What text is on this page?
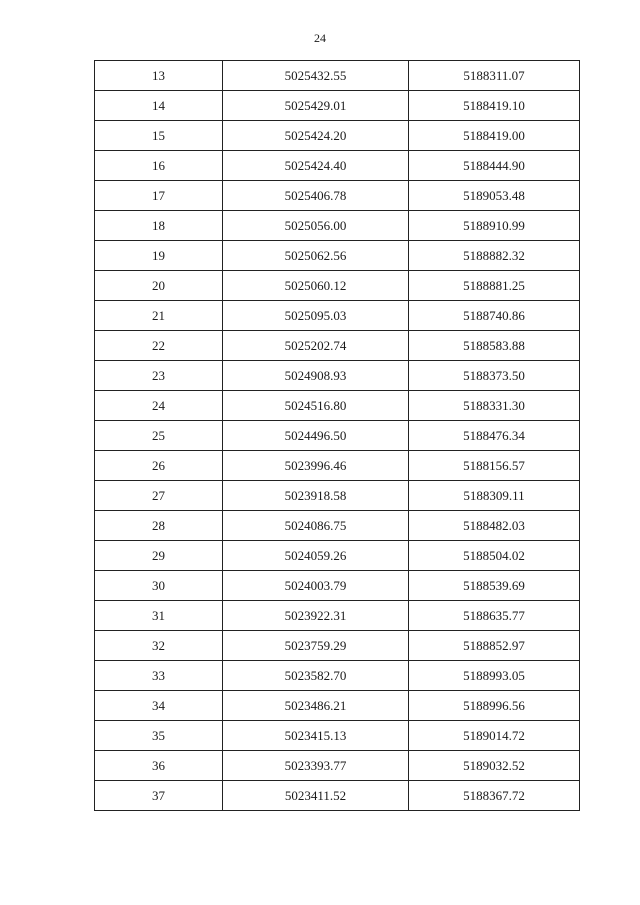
24
13	5025432.55	5188311.07
14	5025429.01	5188419.10
15	5025424.20	5188419.00
16	5025424.40	5188444.90
17	5025406.78	5189053.48
18	5025056.00	5188910.99
19	5025062.56	5188882.32
20	5025060.12	5188881.25
21	5025095.03	5188740.86
22	5025202.74	5188583.88
23	5024908.93	5188373.50
24	5024516.80	5188331.30
25	5024496.50	5188476.34
26	5023996.46	5188156.57
27	5023918.58	5188309.11
28	5024086.75	5188482.03
29	5024059.26	5188504.02
30	5024003.79	5188539.69
31	5023922.31	5188635.77
32	5023759.29	5188852.97
33	5023582.70	5188993.05
34	5023486.21	5188996.56
35	5023415.13	5189014.72
36	5023393.77	5189032.52
37	5023411.52	5188367.72
